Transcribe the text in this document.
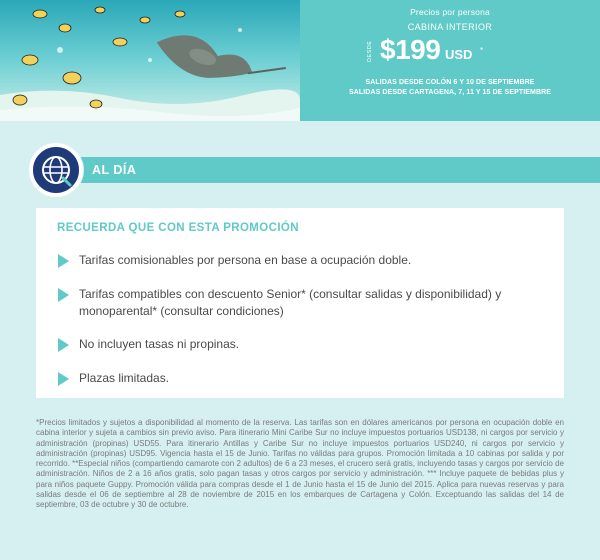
Precios por persona
CABINA INTERIOR
DESDE $199 USD *
SALIDAS DESDE COLÓN 6 Y 10 DE SEPTIEMBRE
SALIDAS DESDE CARTAGENA, 7, 11 Y 15 DE SEPTIEMBRE
AL DÍA
RECUERDA QUE CON ESTA PROMOCIÓN
Tarifas comisionables por persona en base a ocupación doble.
Tarifas compatibles con descuento Senior* (consultar salidas y disponibilidad) y monoparental* (consultar condiciones)
No incluyen tasas ni propinas.
Plazas limitadas.
*Precios limitados y sujetos a disponibilidad al momento de la reserva. Las tarifas son en dólares americanos por persona en ocupación doble en cabina interior y sujeta a cambios sin previo aviso. Para itinerario Mini Caribe Sur no incluye impuestos portuarios USD138, ni cargos por servicio y administración (propinas) USD55. Para itinerario Antillas y Caribe Sur no incluye impuestos portuarios USD240, ni cargos por servicio y administración (propinas) USD95. Vigencia hasta el 15 de Junio. Tarifas no válidas para grupos. Promoción limitada a 10 cabinas por salida y por recorrido. **Especial niños (compartiendo camarote con 2 adultos) de 6 a 23 meses, el crucero será gratis, incluyendo tasas y cargos por servicio de administración. Niños de 2 a 16 años gratis, solo pagan tasas y otros cargos por servicio y administración. *** Incluye paquete de bebidas plus y para niños paquete Guppy. Promoción válida para compras desde el 1 de Junio hasta el 15 de Junio del 2015. Aplica para nuevas reservas y para salidas desde el 06 de septiembre al 28 de noviembre de 2015 en los embarques de Cartagena y Colón. Exceptuando las salidas del 14 de septiembre, 03 de octubre y 30 de octubre.
